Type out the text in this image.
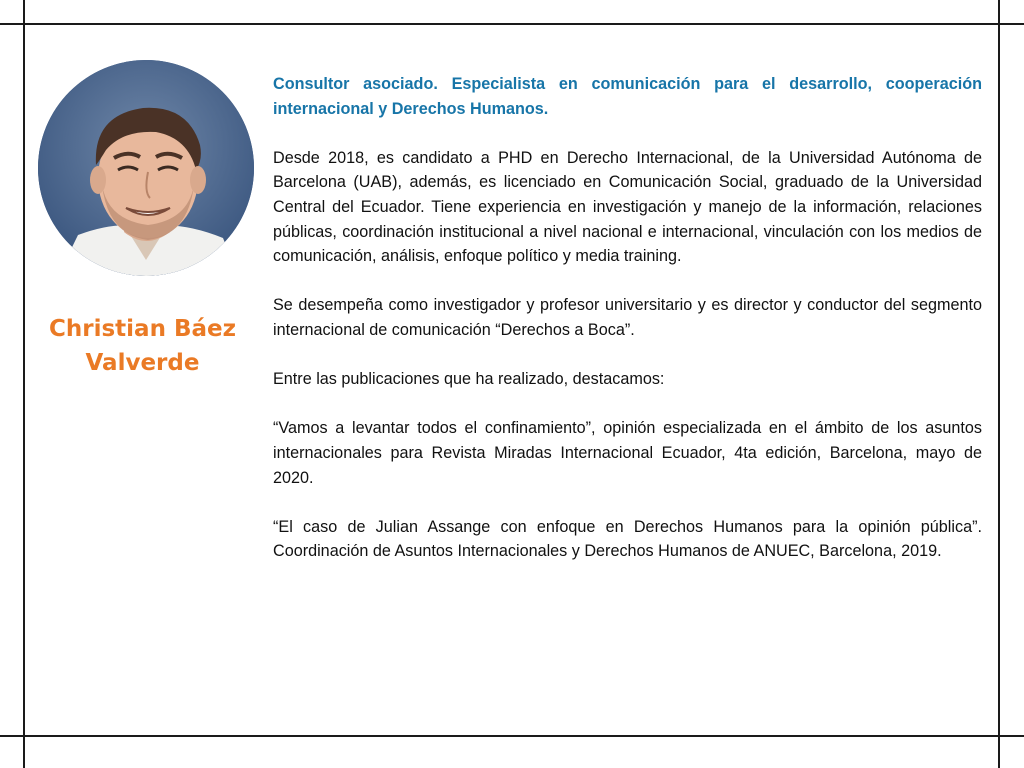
Christian Báez
Valverde

Consultor asociado. Especialista en comunicación para el desarrollo, cooperación internacional y Derechos Humanos.

Desde 2018, es candidato a PHD en Derecho Internacional, de la Universidad Autónoma de Barcelona (UAB), además, es licenciado en Comunicación Social, graduado de la Universidad Central del Ecuador. Tiene experiencia en investigación y manejo de la información, relaciones públicas, coordinación institucional a nivel nacional e internacional, vinculación con los medios de comunicación, análisis, enfoque político y media training.

Se desempeña como investigador y profesor universitario y es director y conductor del segmento internacional de comunicación “Derechos a Boca”.

Entre las publicaciones que ha realizado, destacamos:

“Vamos a levantar todos el confinamiento”, opinión especializada en el ámbito de los asuntos internacionales para Revista Miradas Internacional Ecuador, 4ta edición, Barcelona, mayo de 2020.

“El caso de Julian Assange con enfoque en Derechos Humanos para la opinión pública”. Coordinación de Asuntos Internacionales y Derechos Humanos de ANUEC, Barcelona, 2019.
